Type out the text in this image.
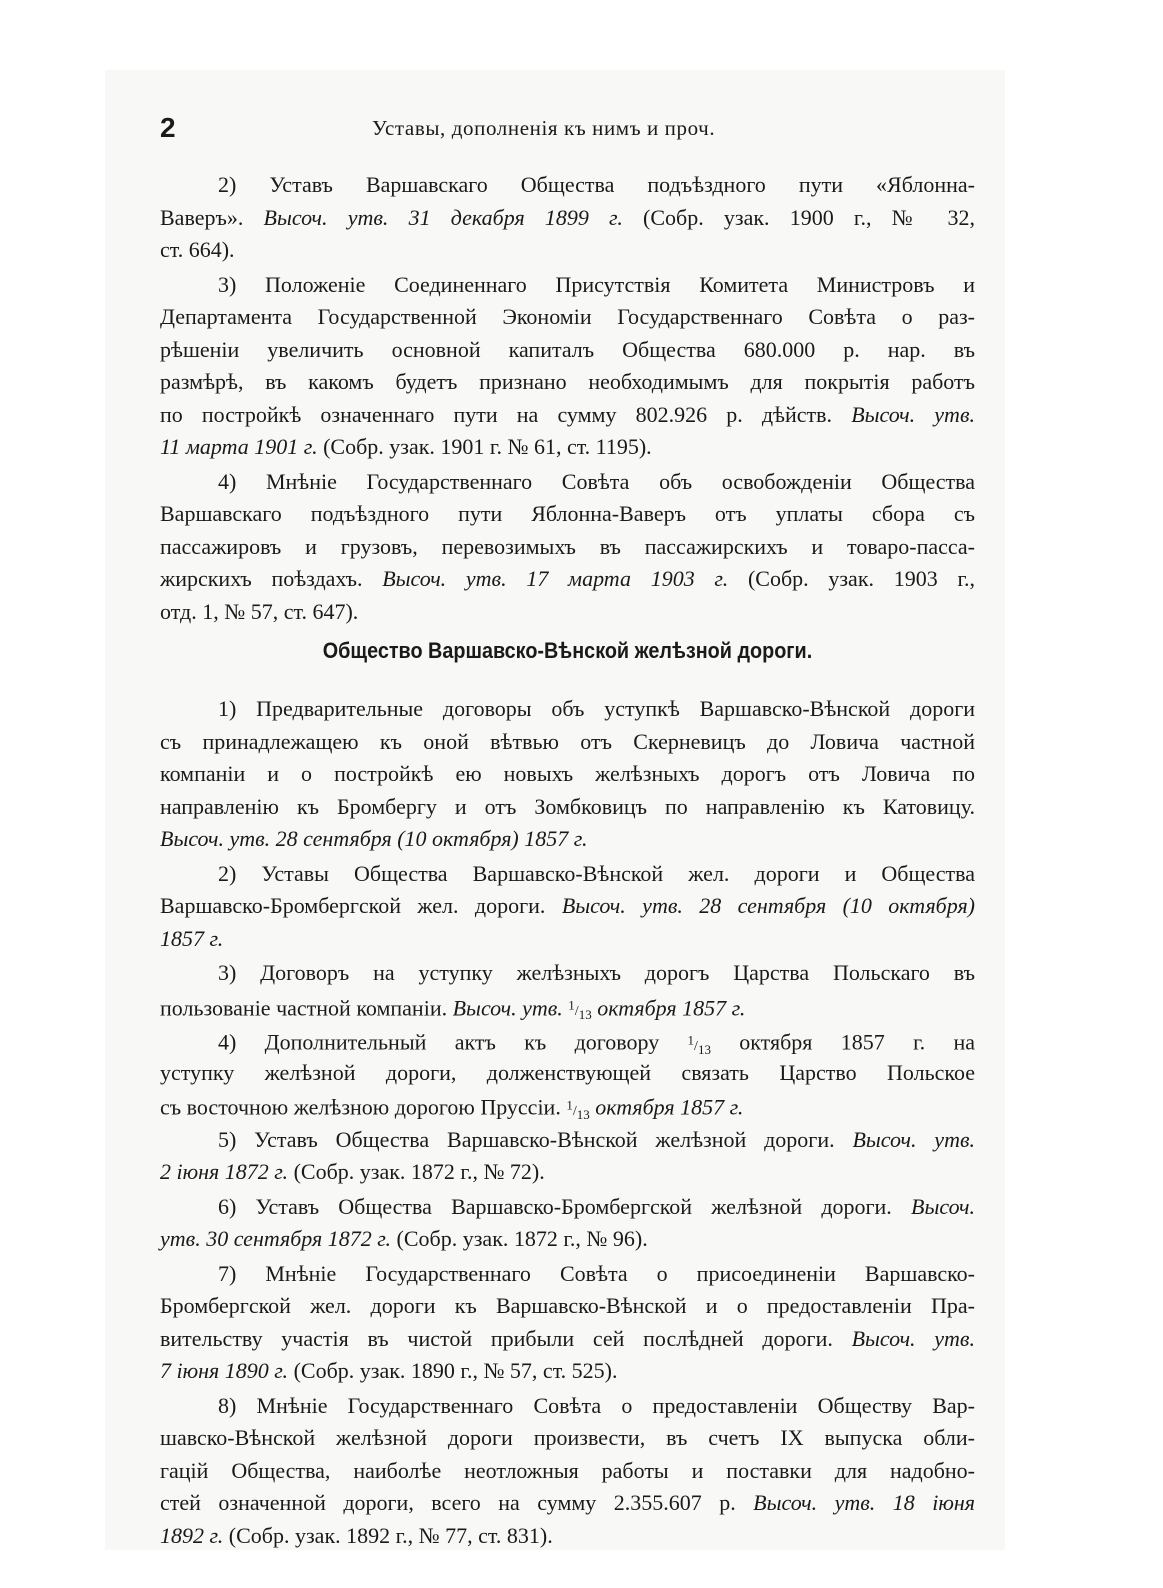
2	Уставы, дополненія къ нимъ и проч.
2) Уставъ Варшавскаго Общества подъѣздного пути «Яблонна-
Ваверъ». Высоч. утв. 31 декабря 1899 г. (Собр. узак. 1900 г., № 32,
ст. 664).
3) Положеніе Соединеннаго Присутствія Комитета Министровъ и
Департамента Государственной Экономіи Государственнаго Совѣта о раз-
рѣшеніи увеличить основной капиталъ Общества 680.000 р. нар. въ
размѣрѣ, въ какомъ будетъ признано необходимымъ для покрытія работъ
по постройкѣ означеннаго пути на сумму 802.926 р. дѣйств. Высоч. утв.
11 марта 1901 г. (Собр. узак. 1901 г. № 61, ст. 1195).
4) Мнѣніе Государственнаго Совѣта объ освобожденіи Общества
Варшавскаго подъѣздного пути Яблонна-Ваверъ отъ уплаты сбора съ
пассажировъ и грузовъ, перевозимыхъ въ пассажирскихъ и товаро-пасса-
жирскихъ поѣздахъ. Высоч. утв. 17 марта 1903 г. (Собр. узак. 1903 г.,
отд. 1, № 57, ст. 647).
Общество Варшавско-Вѣнской желѣзной дороги.
1) Предварительные договоры объ уступкѣ Варшавско-Вѣнской дороги
съ принадлежащею къ оной вѣтвью отъ Скерневицъ до Ловича частной
компаніи и о постройкѣ ею новыхъ желѣзныхъ дорогъ отъ Ловича по
направленію къ Бромбергу и отъ Зомбковицъ по направленію къ Катовицу.
Высоч. утв. 28 сентября (10 октября) 1857 г.
2) Уставы Общества Варшавско-Вѣнской жел. дороги и Общества
Варшавско-Бромбергской жел. дороги. Высоч. утв. 28 сентября (10 октября)
1857 г.
3) Договоръ на уступку желѣзныхъ дорогъ Царства Польскаго въ
пользованіе частной компаніи. Высоч. утв. $^1/_{13}$ октября 1857 г.
4) Дополнительный актъ къ договору $^1/_{13}$ октября 1857 г. на
уступку желѣзной дороги, долженствующей связать Царство Польское
съ восточною желѣзною дорогою Пруссіи. $^1/_{13}$ октября 1857 г.
5) Уставъ Общества Варшавско-Вѣнской желѣзной дороги. Высоч. утв.
2 іюня 1872 г. (Собр. узак. 1872 г., № 72).
6) Уставъ Общества Варшавско-Бромбергской желѣзной дороги. Высоч.
утв. 30 сентября 1872 г. (Собр. узак. 1872 г., № 96).
7) Мнѣніе Государственнаго Совѣта о присоединеніи Варшавско-
Бромбергской жел. дороги къ Варшавско-Вѣнской и о предоставленіи Пра-
вительству участія въ чистой прибыли сей послѣдней дороги. Высоч. утв.
7 іюня 1890 г. (Собр. узак. 1890 г., № 57, ст. 525).
8) Мнѣніе Государственнаго Совѣта о предоставленіи Обществу Вар-
шавско-Вѣнской желѣзной дороги произвести, въ счетъ IX выпуска обли-
гацій Общества, наиболѣе неотложныя работы и поставки для надобно-
стей означенной дороги, всего на сумму 2.355.607 р. Высоч. утв. 18 іюня
1892 г. (Собр. узак. 1892 г., № 77, ст. 831).
